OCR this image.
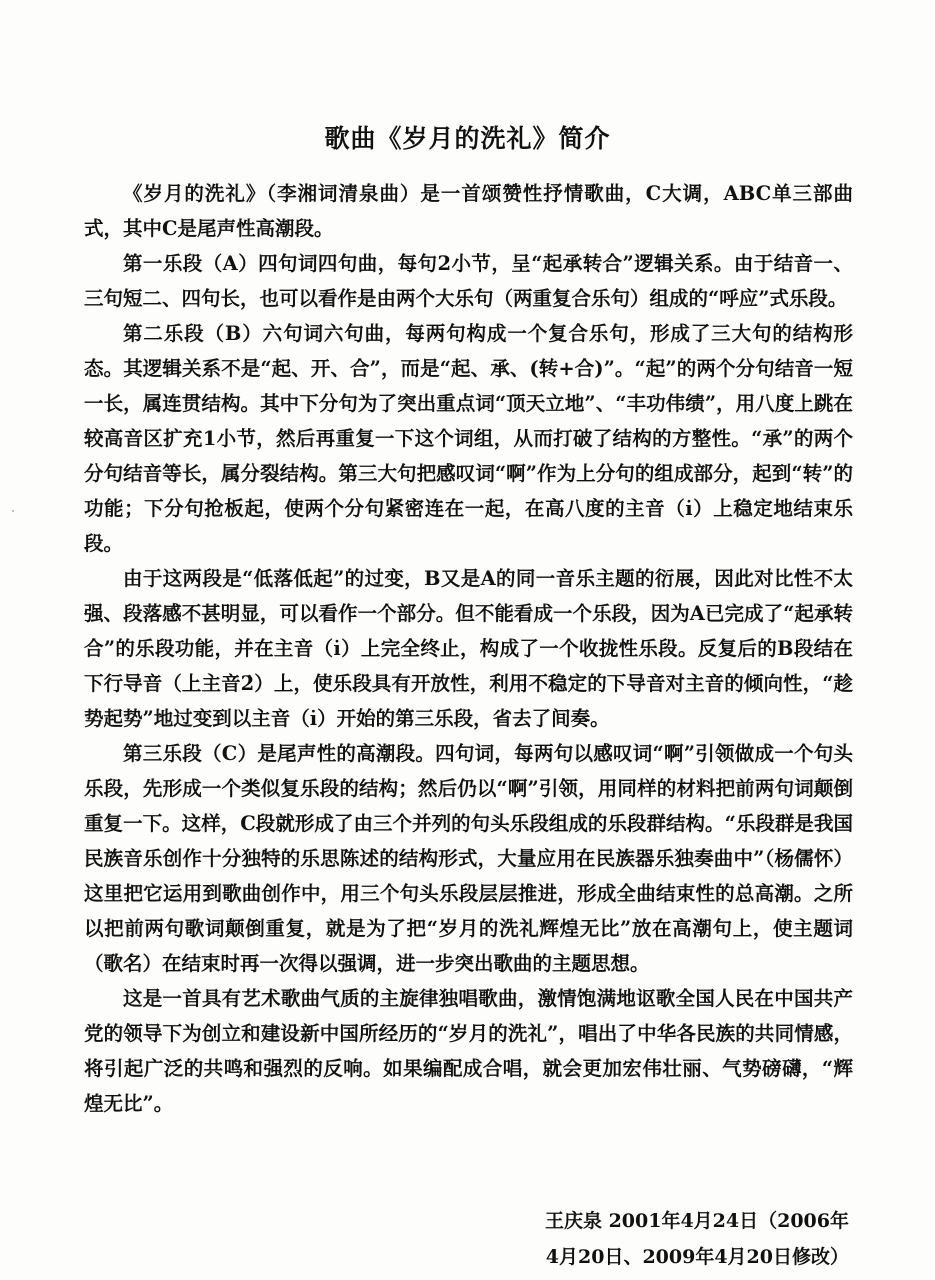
歌曲《岁月的洗礼》简介

《岁月的洗礼》（李湘词清泉曲）是一首颂赞性抒情歌曲，C大调，ABC单三部曲式，其中C是尾声性高潮段。

第一乐段（A）四句词四句曲，每句2小节，呈“起承转合”逻辑关系。由于结音一、三句短二、四句长，也可以看作是由两个大乐句（两重复合乐句）组成的“呼应”式乐段。

第二乐段（B）六句词六句曲，每两句构成一个复合乐句，形成了三大句的结构形态。其逻辑关系不是“起、开、合”，而是“起、承、(转+合)”。“起”的两个分句结音一短一长，属连贯结构。其中下分句为了突出重点词“顶天立地”、“丰功伟绩”，用八度上跳在较高音区扩充1小节，然后再重复一下这个词组，从而打破了结构的方整性。“承”的两个分句结音等长，属分裂结构。第三大句把感叹词“啊”作为上分句的组成部分，起到“转”的功能；下分句抢板起，使两个分句紧密连在一起，在高八度的主音（i̇）上稳定地结束乐段。

由于这两段是“低落低起”的过变，B又是A的同一音乐主题的衍展，因此对比性不太强、段落感不甚明显，可以看作一个部分。但不能看成一个乐段，因为A已完成了“起承转合”的乐段功能，并在主音（i̇）上完全终止，构成了一个收拢性乐段。反复后的B段结在下行导音（上主音2̇）上，使乐段具有开放性，利用不稳定的下导音对主音的倾向性，“趁势起势”地过变到以主音（i̇）开始的第三乐段，省去了间奏。

第三乐段（C）是尾声性的高潮段。四句词，每两句以感叹词“啊”引领做成一个句头乐段，先形成一个类似复乐段的结构；然后仍以“啊”引领，用同样的材料把前两句词颠倒重复一下。这样，C段就形成了由三个并列的句头乐段组成的乐段群结构。“乐段群是我国民族音乐创作十分独特的乐思陈述的结构形式，大量应用在民族器乐独奏曲中”（杨儒怀）这里把它运用到歌曲创作中，用三个句头乐段层层推进，形成全曲结束性的总高潮。之所以把前两句歌词颠倒重复，就是为了把“岁月的洗礼辉煌无比”放在高潮句上，使主题词（歌名）在结束时再一次得以强调，进一步突出歌曲的主题思想。

这是一首具有艺术歌曲气质的主旋律独唱歌曲，激情饱满地讴歌全国人民在中国共产党的领导下为创立和建设新中国所经历的“岁月的洗礼”，唱出了中华各民族的共同情感，将引起广泛的共鸣和强烈的反响。如果编配成合唱，就会更加宏伟壮丽、气势磅礴，“辉煌无比”。

王庆泉 2001年4月24日（2006年
4月20日、2009年4月20日修改）
